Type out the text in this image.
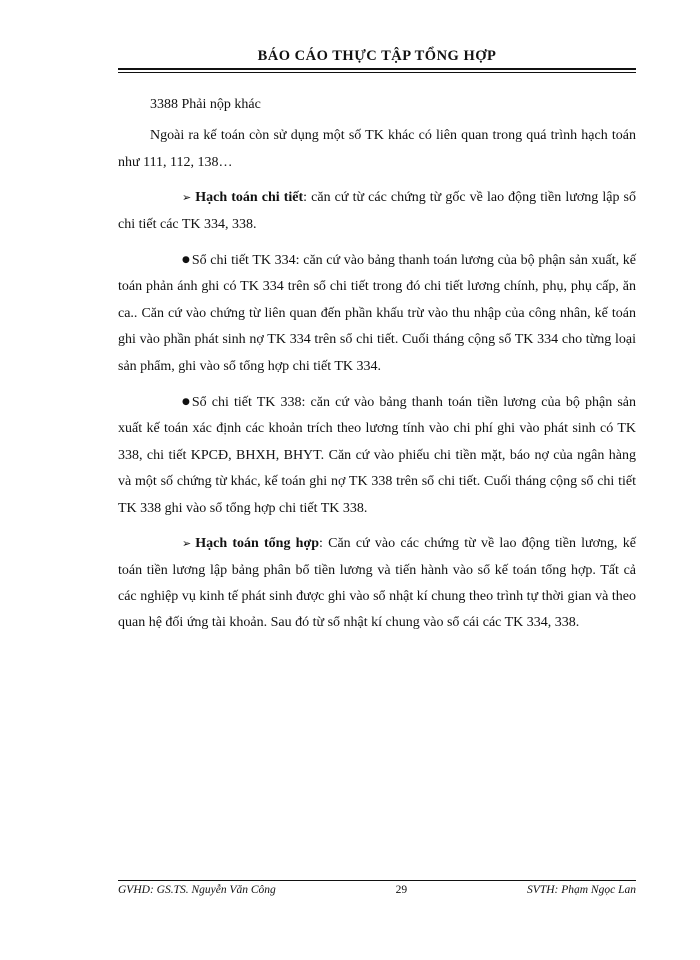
BÁO CÁO THỰC TẬP TỔNG HỢP

3388 Phải nộp khác

Ngoài ra kế toán còn sử dụng một số TK khác có liên quan trong quá trình hạch toán như 111, 112, 138…

➢ Hạch toán chi tiết: căn cứ từ các chứng từ gốc về lao động tiền lương lập sổ chi tiết các TK 334, 338.

● Sổ chi tiết TK 334: căn cứ vào bảng thanh toán lương của bộ phận sản xuất, kế toán phản ánh ghi có TK 334 trên sổ chi tiết trong đó chi tiết lương chính, phụ, phụ cấp, ăn ca.. Căn cứ vào chứng từ liên quan đến phần khấu trừ vào thu nhập của công nhân, kế toán ghi vào phần phát sinh nợ TK 334 trên sổ chi tiết. Cuối tháng cộng sổ TK 334 cho từng loại sản phẩm, ghi vào sổ tổng hợp chi tiết TK 334.

● Sổ chi tiết TK 338: căn cứ vào bảng thanh toán tiền lương của bộ phận sản xuất kế toán xác định các khoản trích theo lương tính vào chi phí ghi vào phát sinh có TK 338, chi tiết KPCĐ, BHXH, BHYT. Căn cứ vào phiếu chi tiền mặt, báo nợ của ngân hàng và một số chứng từ khác, kế toán ghi nợ TK 338 trên sổ chi tiết. Cuối tháng cộng sổ chi tiết TK 338 ghi vào sổ tổng hợp chi tiết TK 338.

➢ Hạch toán tổng hợp: Căn cứ vào các chứng từ về lao động tiền lương, kế toán tiền lương lập bảng phân bổ tiền lương và tiến hành vào sổ kế toán tổng hợp. Tất cả các nghiệp vụ kinh tế phát sinh được ghi vào sổ nhật kí chung theo trình tự thời gian và theo quan hệ đối ứng tài khoản. Sau đó từ sổ nhật kí chung vào sổ cái các TK 334, 338.

GVHD: GS.TS. Nguyễn Văn Công	29	SVTH: Phạm Ngọc Lan
